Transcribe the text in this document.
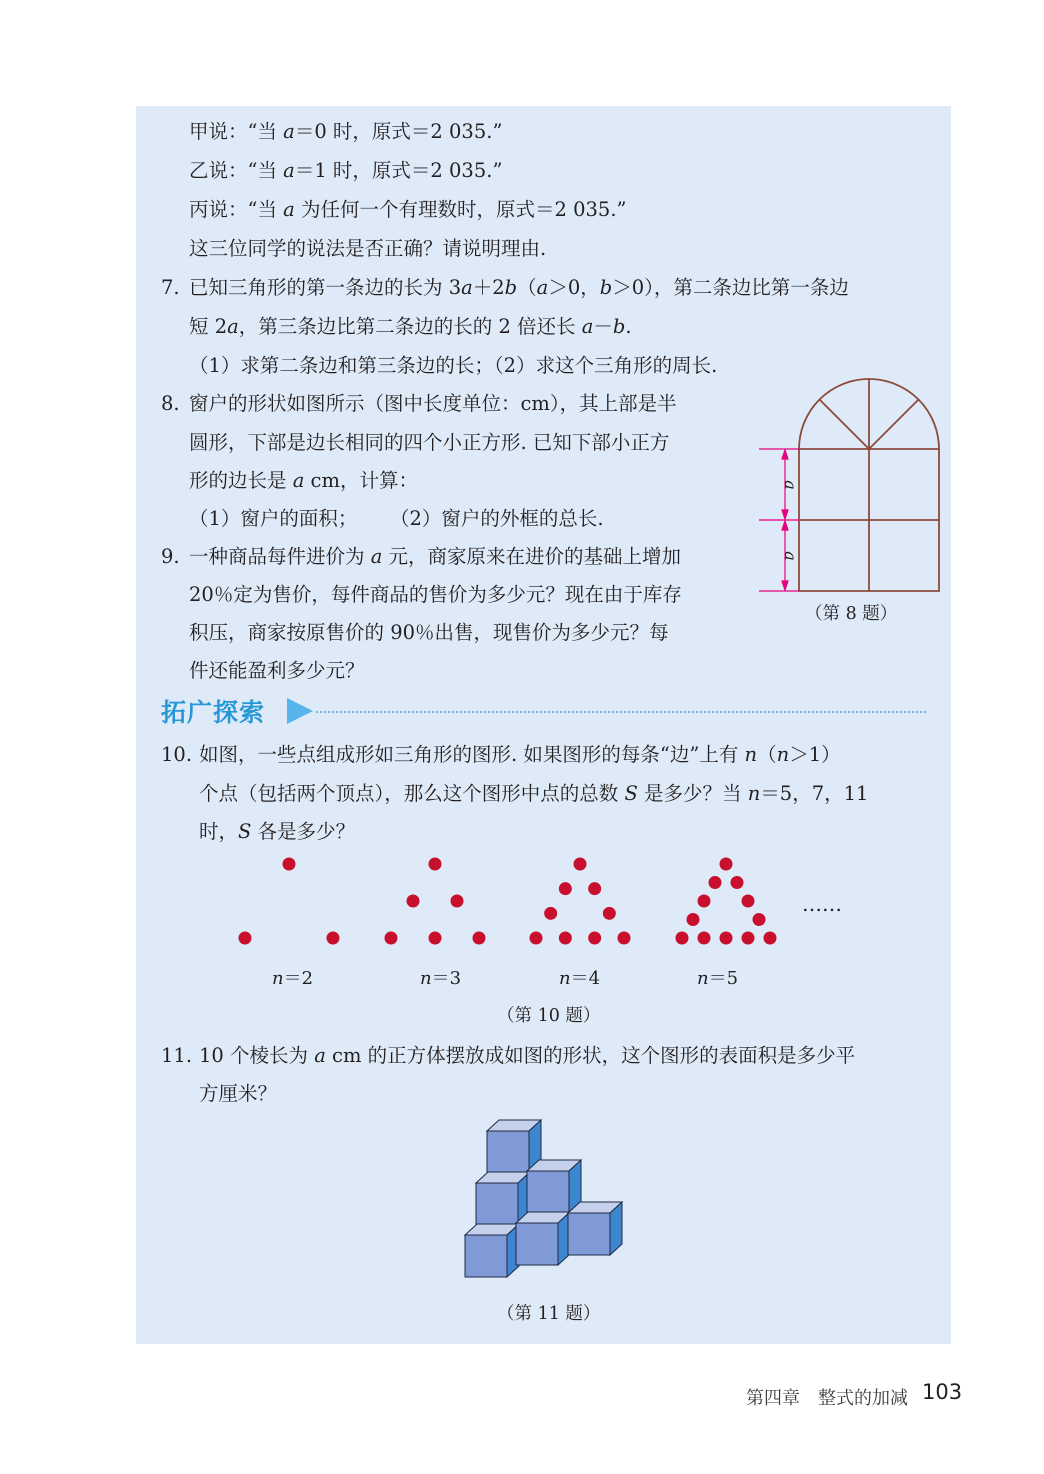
甲说：“当 a＝0 时，原式＝2 035.”
乙说：“当 a＝1 时，原式＝2 035.”
丙说：“当 a 为任何一个有理数时，原式＝2 035.”
这三位同学的说法是否正确？请说明理由.
7. 已知三角形的第一条边的长为 3a＋2b（a＞0，b＞0），第二条边比第一条边
短 2a，第三条边比第二条边的长的 2 倍还长 a－b.
（1）求第二条边和第三条边的长；（2）求这个三角形的周长.
8. 窗户的形状如图所示（图中长度单位：cm），其上部是半
圆形，下部是边长相同的四个小正方形. 已知下部小正方
形的边长是 a cm，计算：
（1）窗户的面积； （2）窗户的外框的总长.
a
a
（第 8 题）
9. 一种商品每件进价为 a 元，商家原来在进价的基础上增加
20％定为售价，每件商品的售价为多少元？现在由于库存
积压，商家按原售价的 90％出售，现售价为多少元？每
件还能盈利多少元？
拓广探索
10. 如图，一些点组成形如三角形的图形. 如果图形的每条“边”上有 n（n＞1）
个点（包括两个顶点），那么这个图形中点的总数 S 是多少？当 n＝5，7，11
时，S 各是多少？
……
n＝2	n＝3	n＝4	n＝5
（第 10 题）
11. 10 个棱长为 a cm 的正方体摆放成如图的形状，这个图形的表面积是多少平
方厘米？
（第 11 题）
第四章　整式的加减 103
